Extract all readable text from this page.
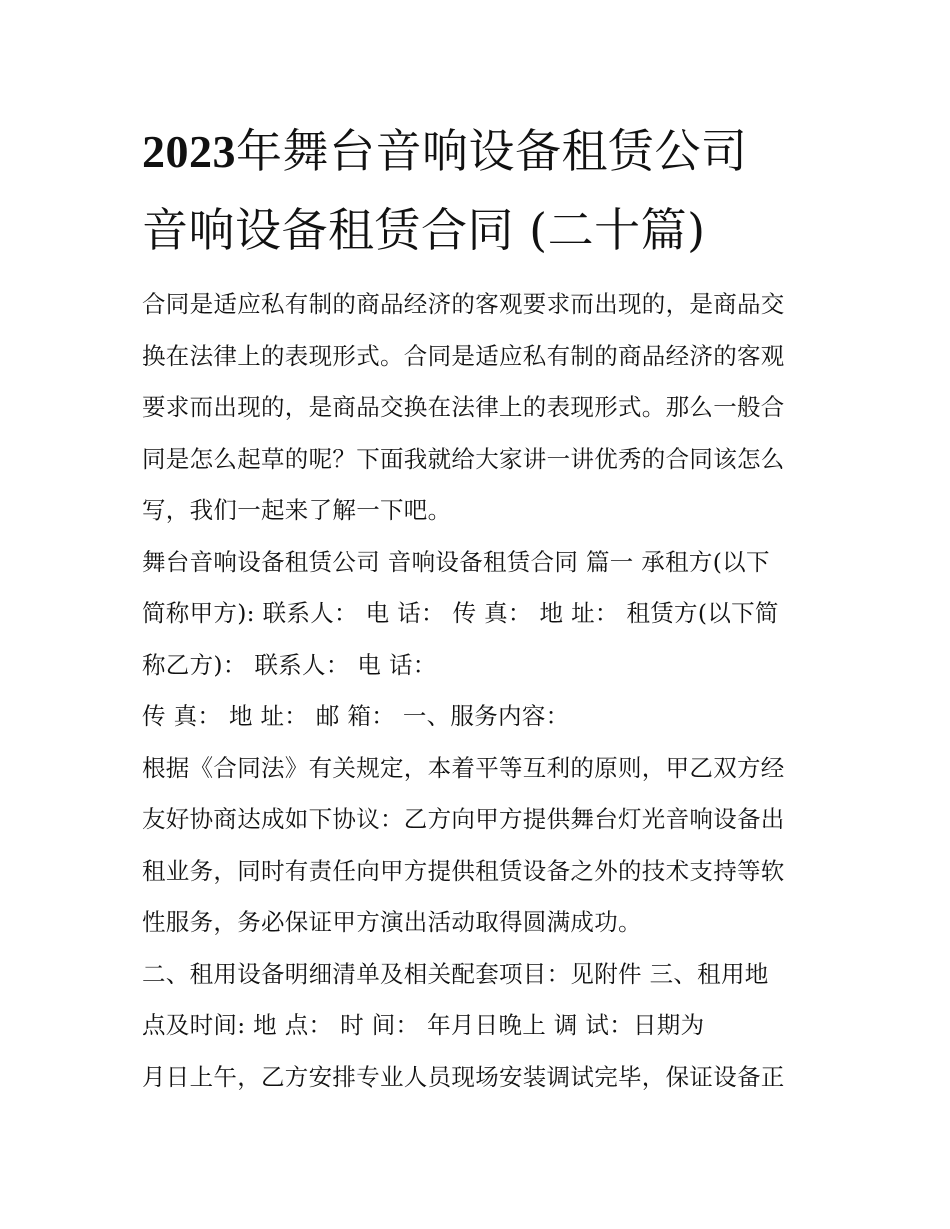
2023年舞台音响设备租赁公司
音响设备租赁合同 (二十篇)

合同是适应私有制的商品经济的客观要求而出现的，是商品交
换在法律上的表现形式。合同是适应私有制的商品经济的客观
要求而出现的，是商品交换在法律上的表现形式。那么一般合
同是怎么起草的呢？下面我就给大家讲一讲优秀的合同该怎么
写，我们一起来了解一下吧。

舞台音响设备租赁公司 音响设备租赁合同 篇一 承租方(以下
简称甲方): 联系人： 电 话： 传 真： 地 址： 租赁方(以下简
称乙方)： 联系人： 电 话：

传 真： 地 址： 邮 箱： 一、服务内容：

根据《合同法》有关规定，本着平等互利的原则，甲乙双方经
友好协商达成如下协议：乙方向甲方提供舞台灯光音响设备出
租业务，同时有责任向甲方提供租赁设备之外的技术支持等软
性服务，务必保证甲方演出活动取得圆满成功。

二、租用设备明细清单及相关配套项目：见附件 三、租用地
点及时间: 地 点： 时 间： 年月日晚上 调 试：日期为

月日上午，乙方安排专业人员现场安装调试完毕，保证设备正
